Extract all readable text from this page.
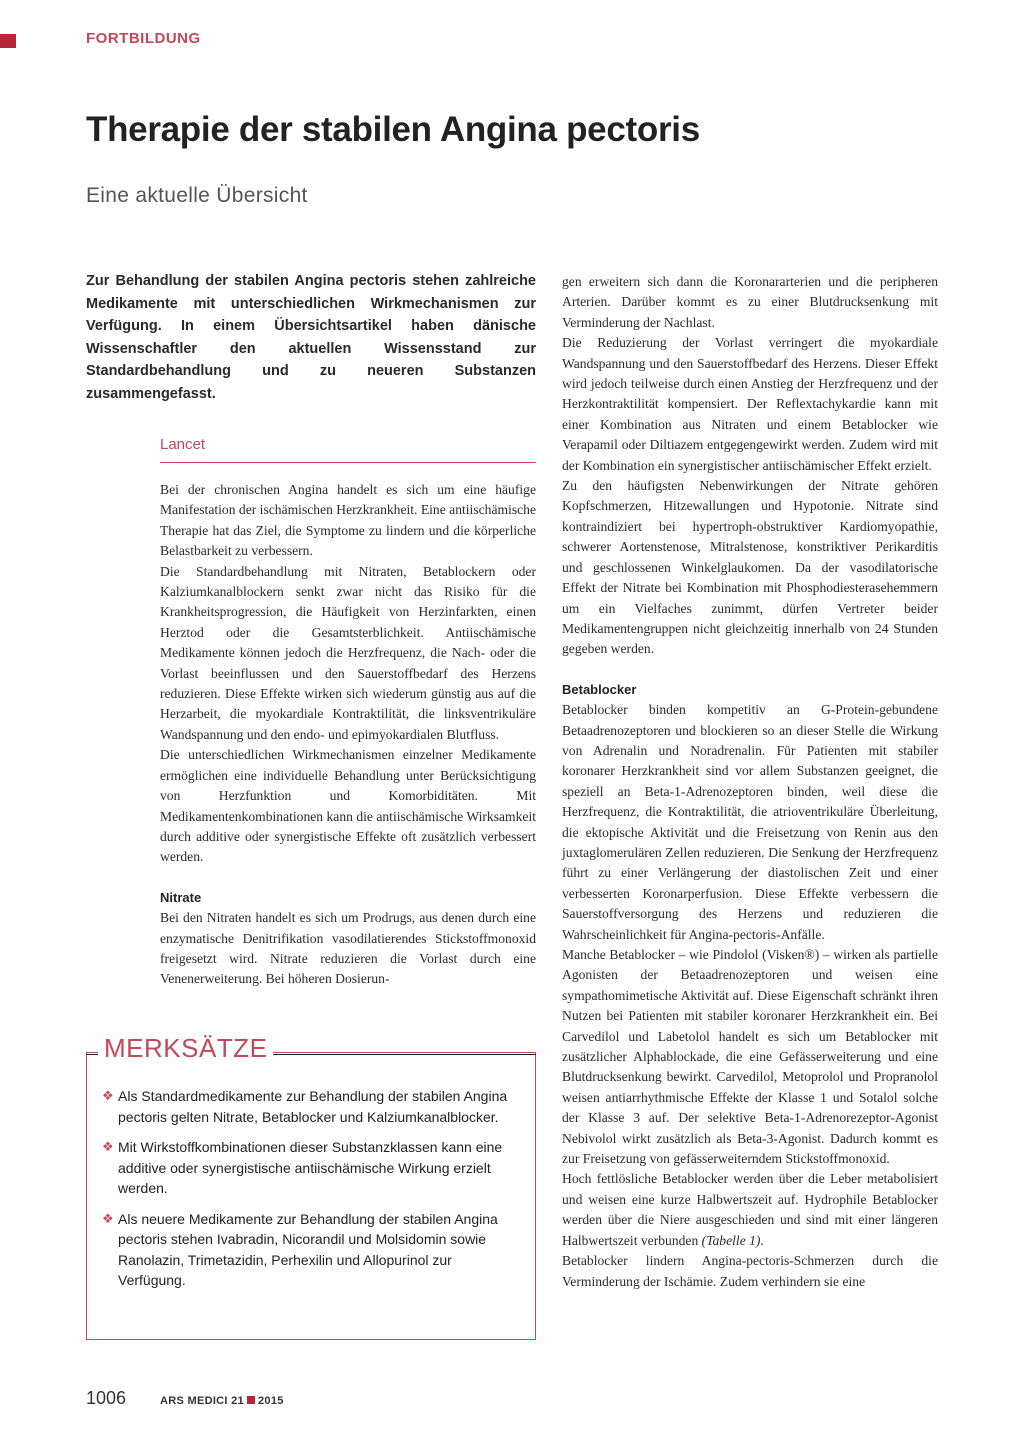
FORTBILDUNG
Therapie der stabilen Angina pectoris
Eine aktuelle Übersicht

Zur Behandlung der stabilen Angina pectoris stehen zahlreiche Medikamente mit unterschiedlichen Wirkmechanismen zur Verfügung. In einem Übersichtsartikel haben dänische Wissenschaftler den aktuellen Wissensstand zur Standardbehandlung und zu neueren Substanzen zusammengefasst.

Lancet

Bei der chronischen Angina handelt es sich um eine häufige Manifestation der ischämischen Herzkrankheit. Eine antiischämische Therapie hat das Ziel, die Symptome zu lindern und die körperliche Belastbarkeit zu verbessern.

Die Standardbehandlung mit Nitraten, Betablockern oder Kalziumkanalblockern senkt zwar nicht das Risiko für die Krankheitsprogression, die Häufigkeit von Herzinfarkten, einen Herztod oder die Gesamtsterblichkeit. Antiischämische Medikamente können jedoch die Herzfrequenz, die Nach- oder die Vorlast beeinflussen und den Sauerstoffbedarf des Herzens reduzieren. Diese Effekte wirken sich wiederum günstig aus auf die Herzarbeit, die myokardiale Kontraktilität, die linksventrikuläre Wandspannung und den endo- und epimyokardialen Blutfluss.

Die unterschiedlichen Wirkmechanismen einzelner Medikamente ermöglichen eine individuelle Behandlung unter Berücksichtigung von Herzfunktion und Komorbiditäten. Mit Medikamentenkombinationen kann die antiischämische Wirksamkeit durch additive oder synergistische Effekte oft zusätzlich verbessert werden.

Nitrate

Bei den Nitraten handelt es sich um Prodrugs, aus denen durch eine enzymatische Denitrifikation vasodilatierendes Stickstoffmonoxid freigesetzt wird. Nitrate reduzieren die Vorlast durch eine Venenerweiterung. Bei höheren Dosierun-

gen erweitern sich dann die Koronararterien und die peripheren Arterien. Darüber kommt es zu einer Blutdrucksenkung mit Verminderung der Nachlast.

Die Reduzierung der Vorlast verringert die myokardiale Wandspannung und den Sauerstoffbedarf des Herzens. Dieser Effekt wird jedoch teilweise durch einen Anstieg der Herzfrequenz und der Herzkontraktilität kompensiert. Der Reflextachykardie kann mit einer Kombination aus Nitraten und einem Betablocker wie Verapamil oder Diltiazem entgegengewirkt werden. Zudem wird mit der Kombination ein synergistischer antiischämischer Effekt erzielt.

Zu den häufigsten Nebenwirkungen der Nitrate gehören Kopfschmerzen, Hitzewallungen und Hypotonie. Nitrate sind kontraindiziert bei hypertroph-obstruktiver Kardiomyopathie, schwerer Aortenstenose, Mitralstenose, konstriktiver Perikarditis und geschlossenen Winkelglaukomen. Da der vasodilatorische Effekt der Nitrate bei Kombination mit Phosphodiesterasehemmern um ein Vielfaches zunimmt, dürfen Vertreter beider Medikamentengruppen nicht gleichzeitig innerhalb von 24 Stunden gegeben werden.

Betablocker

Betablocker binden kompetitiv an G-Protein-gebundene Betaadrenozeptoren und blockieren so an dieser Stelle die Wirkung von Adrenalin und Noradrenalin. Für Patienten mit stabiler koronarer Herzkrankheit sind vor allem Substanzen geeignet, die speziell an Beta-1-Adrenozeptoren binden, weil diese die Herzfrequenz, die Kontraktilität, die atrioventrikuläre Überleitung, die ektopische Aktivität und die Freisetzung von Renin aus den juxtaglomerulären Zellen reduzieren. Die Senkung der Herzfrequenz führt zu einer Verlängerung der diastolischen Zeit und einer verbesserten Koronarperfusion. Diese Effekte verbessern die Sauerstoffversorgung des Herzens und reduzieren die Wahrscheinlichkeit für Angina-pectoris-Anfälle.

Manche Betablocker – wie Pindolol (Visken®) – wirken als partielle Agonisten der Betaadrenozeptoren und weisen eine sympathomimetische Aktivität auf. Diese Eigenschaft schränkt ihren Nutzen bei Patienten mit stabiler koronarer Herzkrankheit ein. Bei Carvedilol und Labetolol handelt es sich um Betablocker mit zusätzlicher Alphablockade, die eine Gefässerweiterung und eine Blutdrucksenkung bewirkt. Carvedilol, Metoprolol und Propranolol weisen antiarrhythmische Effekte der Klasse 1 und Sotalol solche der Klasse 3 auf. Der selektive Beta-1-Adrenorezeptor-Agonist Nebivolol wirkt zusätzlich als Beta-3-Agonist. Dadurch kommt es zur Freisetzung von gefässerweiterndem Stickstoffmonoxid.

Hoch fettlösliche Betablocker werden über die Leber metabolisiert und weisen eine kurze Halbwertszeit auf. Hydrophile Betablocker werden über die Niere ausgeschieden und sind mit einer längeren Halbwertszeit verbunden (Tabelle 1).

Betablocker lindern Angina-pectoris-Schmerzen durch die Verminderung der Ischämie. Zudem verhindern sie eine

MERKSÄTZE
❖ Als Standardmedikamente zur Behandlung der stabilen Angina pectoris gelten Nitrate, Betablocker und Kalziumkanalblocker.
❖ Mit Wirkstoffkombinationen dieser Substanzklassen kann eine additive oder synergistische antiischämische Wirkung erzielt werden.
❖ Als neuere Medikamente zur Behandlung der stabilen Angina pectoris stehen Ivabradin, Nicorandil und Molsidomin sowie Ranolazin, Trimetazidin, Perhexilin und Allopurinol zur Verfügung.
1006	ARS MEDICI 21 2015
